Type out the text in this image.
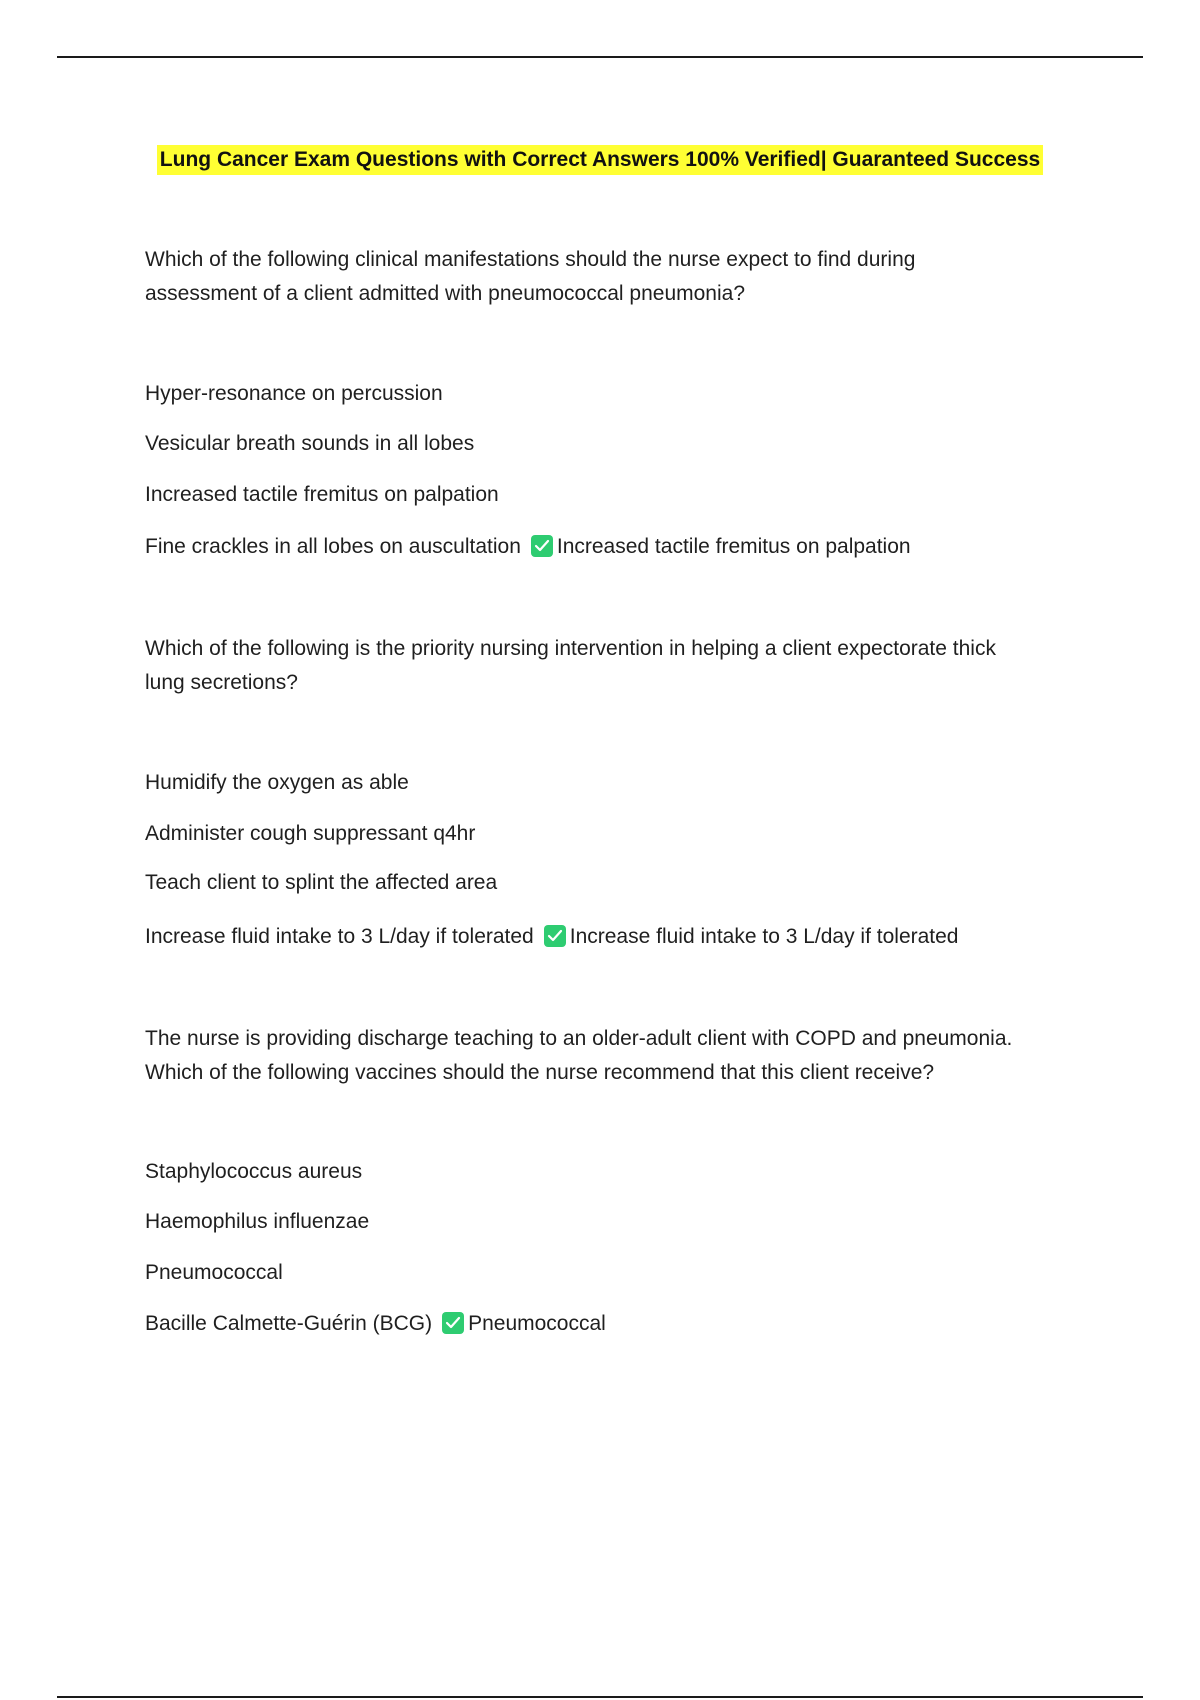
Lung Cancer Exam Questions with Correct Answers 100% Verified| Guaranteed Success

Which of the following clinical manifestations should the nurse expect to find during

assessment of a client admitted with pneumococcal pneumonia?

Hyper-resonance on percussion

Vesicular breath sounds in all lobes

Increased tactile fremitus on palpation

Fine crackles in all lobes on auscultation Increased tactile fremitus on palpation

Which of the following is the priority nursing intervention in helping a client expectorate thick

lung secretions?

Humidify the oxygen as able

Administer cough suppressant q4hr

Teach client to splint the affected area

Increase fluid intake to 3 L/day if tolerated Increase fluid intake to 3 L/day if tolerated

The nurse is providing discharge teaching to an older-adult client with COPD and pneumonia.

Which of the following vaccines should the nurse recommend that this client receive?

Staphylococcus aureus

Haemophilus influenzae

Pneumococcal

Bacille Calmette-Guérin (BCG) Pneumococcal
